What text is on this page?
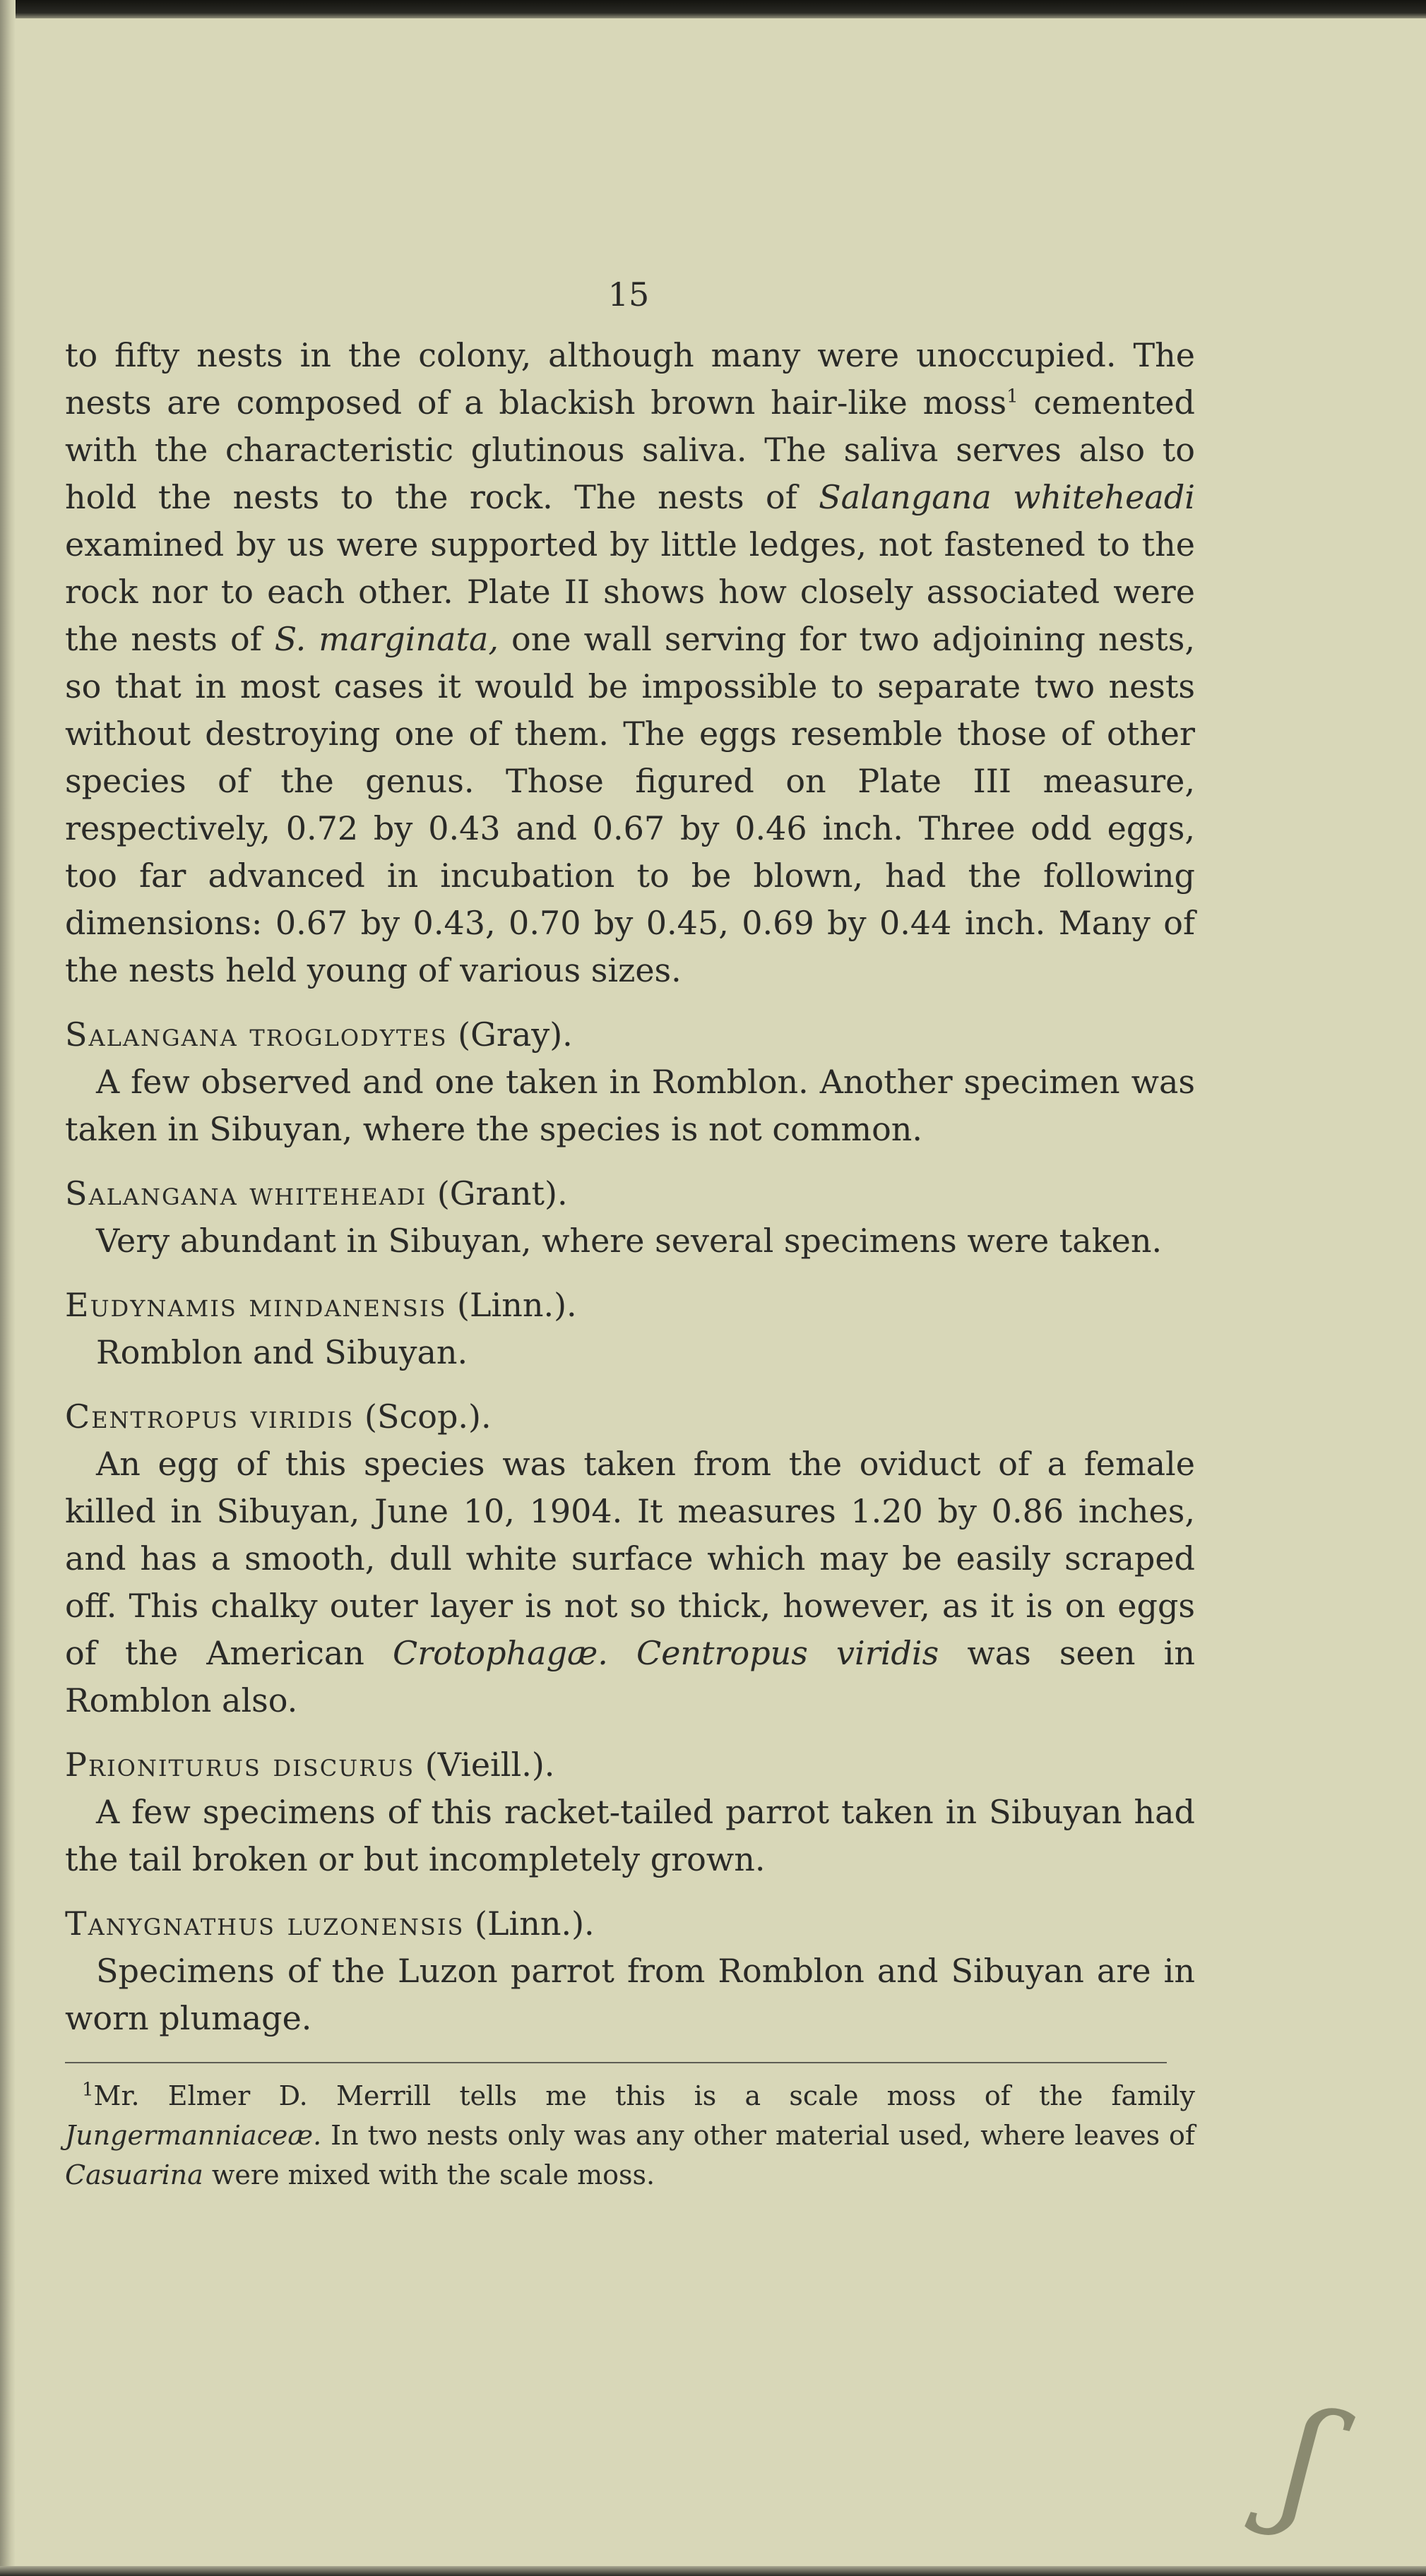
15

to fifty nests in the colony, although many were unoccupied. The nests are composed of a blackish brown hair-like moss$^1$ cemented with the characteristic glutinous saliva. The saliva serves also to hold the nests to the rock. The nests of Salangana whiteheadi examined by us were supported by little ledges, not fastened to the rock nor to each other. Plate II shows how closely associated were the nests of S. marginata, one wall serving for two adjoining nests, so that in most cases it would be impossible to separate two nests without destroying one of them. The eggs resemble those of other species of the genus. Those figured on Plate III measure, respectively, 0.72 by 0.43 and 0.67 by 0.46 inch. Three odd eggs, too far advanced in incubation to be blown, had the following dimensions: 0.67 by 0.43, 0.70 by 0.45, 0.69 by 0.44 inch. Many of the nests held young of various sizes.

Salangana troglodytes (Gray).

A few observed and one taken in Romblon. Another specimen was taken in Sibuyan, where the species is not common.

Salangana whiteheadi (Grant).

Very abundant in Sibuyan, where several specimens were taken.

Eudynamis mindanensis (Linn.).

Romblon and Sibuyan.

Centropus viridis (Scop.).

An egg of this species was taken from the oviduct of a female killed in Sibuyan, June 10, 1904. It measures 1.20 by 0.86 inches, and has a smooth, dull white surface which may be easily scraped off. This chalky outer layer is not so thick, however, as it is on eggs of the American Crotophagæ. Centropus viridis was seen in Romblon also.

Prioniturus discurus (Vieill.).

A few specimens of this racket-tailed parrot taken in Sibuyan had the tail broken or but incompletely grown.

Tanygnathus luzonensis (Linn.).

Specimens of the Luzon parrot from Romblon and Sibuyan are in worn plumage.

$^1$Mr. Elmer D. Merrill tells me this is a scale moss of the family Jungermanniaceæ. In two nests only was any other material used, where leaves of Casuarina were mixed with the scale moss.

ʃ
